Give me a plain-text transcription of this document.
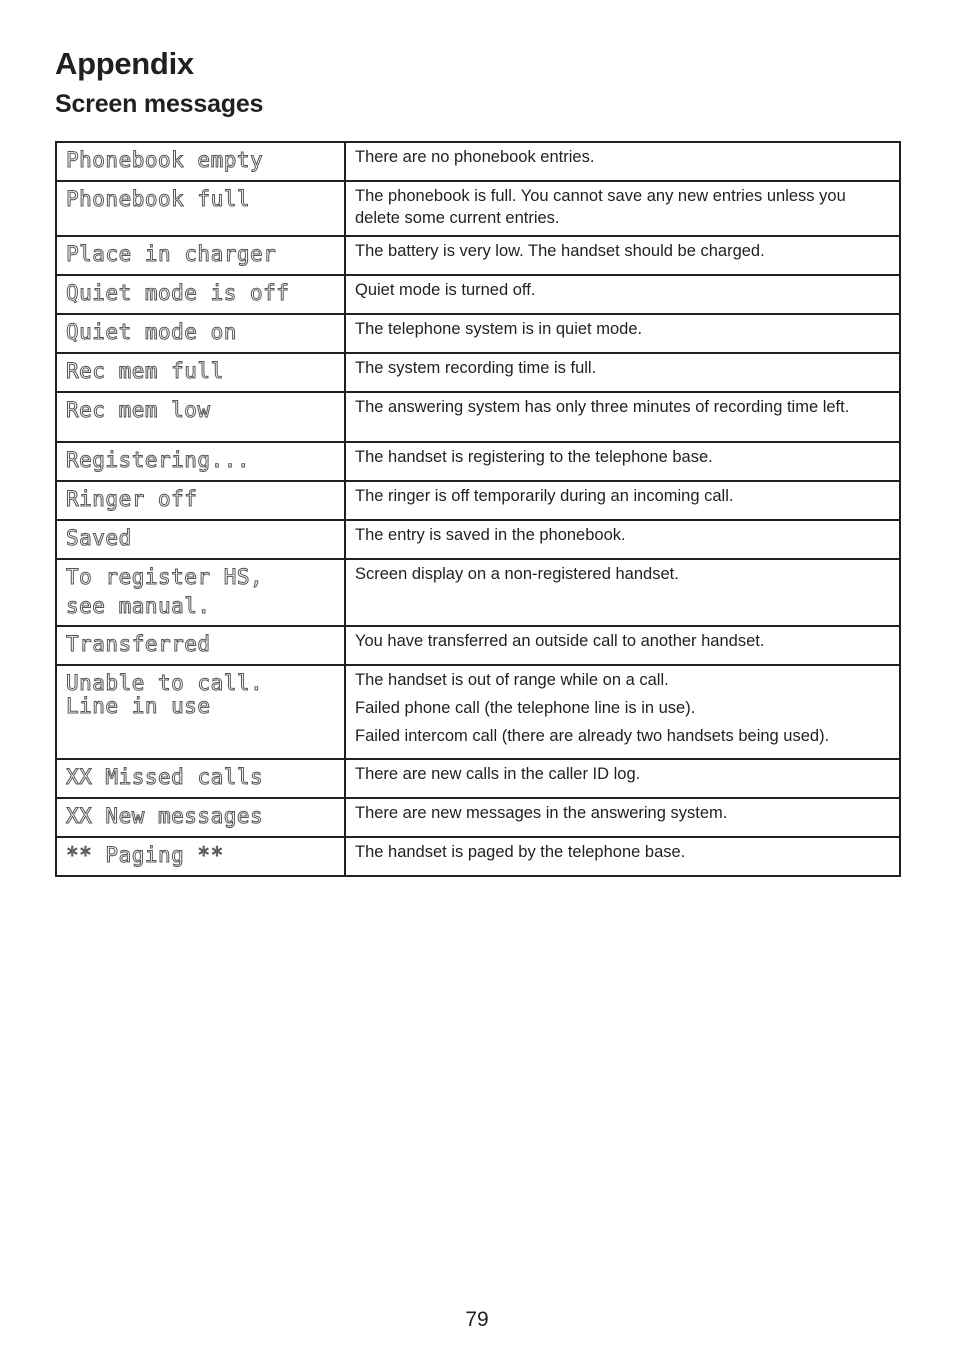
Appendix
Screen messages
Phonebook empty	There are no phonebook entries.

Phonebook full	The phonebook is full. You cannot save any new entries unless you delete some current entries.

Place in charger	The battery is very low. The handset should be charged.

Quiet mode is off	Quiet mode is turned off.

Quiet mode on	The telephone system is in quiet mode.

Rec mem full	The system recording time is full.

Rec mem low	The answering system has only three minutes of recording time left.

Registering...	The handset is registering to the telephone base.

Ringer off	The ringer is off temporarily during an incoming call.

Saved	The entry is saved in the phonebook.

To register HS,
see manual.	Screen display on a non-registered handset.

Transferred	You have transferred an outside call to another handset.

Unable to call.
Line in use	The handset is out of range while on a call.
Failed phone call (the telephone line is in use).
Failed intercom call (there are already two handsets being used).

XX Missed calls	There are new calls in the caller ID log.

XX New messages	There are new messages in the answering system.

** Paging **	The handset is paged by the telephone base.
79
